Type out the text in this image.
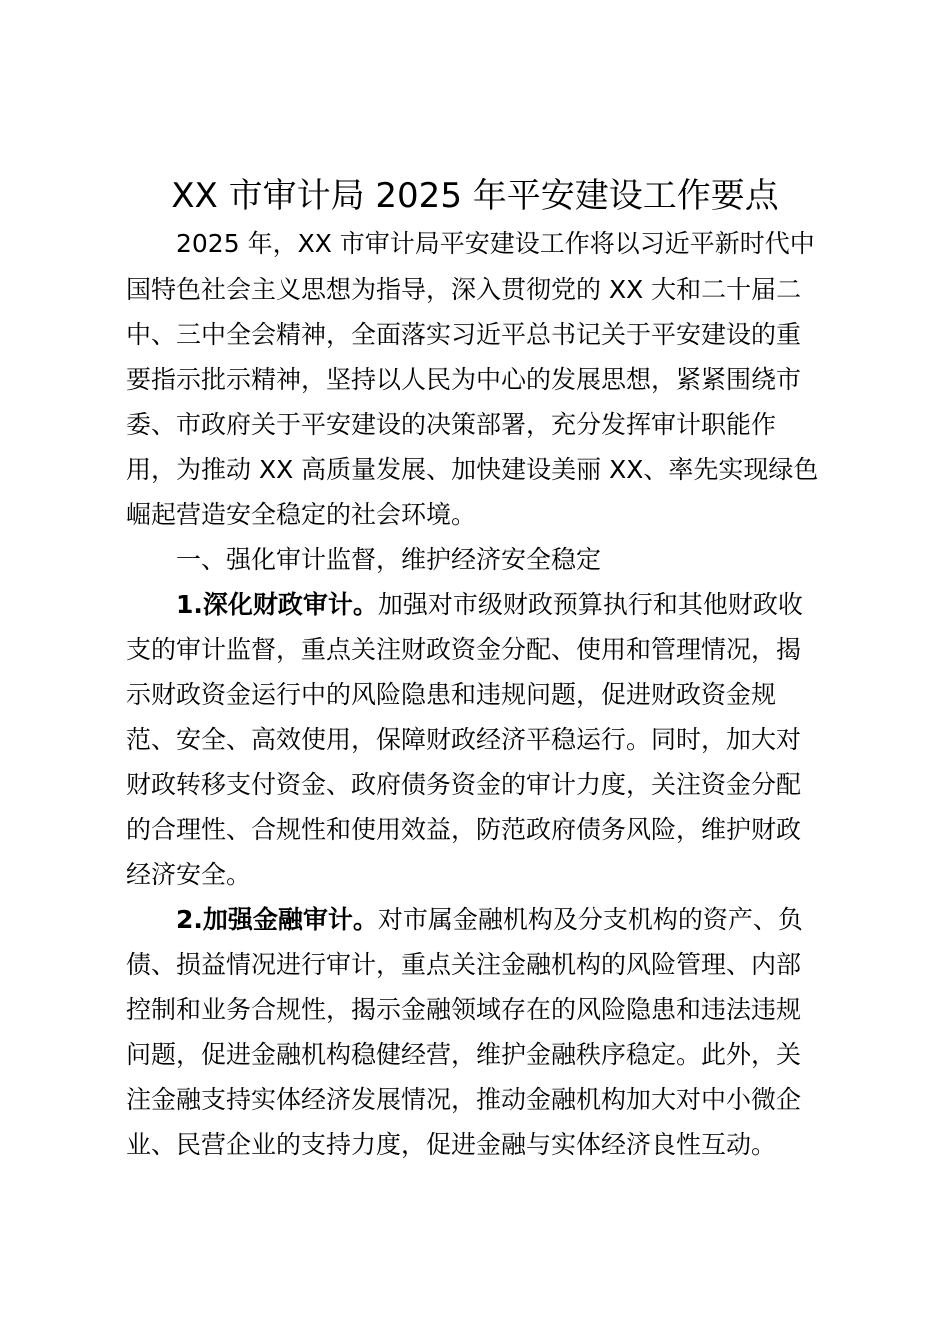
XX 市审计局 2025 年平安建设工作要点

2025 年，XX 市审计局平安建设工作将以习近平新时代中

国特色社会主义思想为指导，深入贯彻党的 XX 大和二十届二

中、三中全会精神，全面落实习近平总书记关于平安建设的重

要指示批示精神，坚持以人民为中心的发展思想，紧紧围绕市

委、市政府关于平安建设的决策部署，充分发挥审计职能作

用，为推动 XX 高质量发展、加快建设美丽 XX、率先实现绿色

崛起营造安全稳定的社会环境。

一、强化审计监督，维护经济安全稳定

1.深化财政审计。加强对市级财政预算执行和其他财政收

支的审计监督，重点关注财政资金分配、使用和管理情况，揭

示财政资金运行中的风险隐患和违规问题，促进财政资金规

范、安全、高效使用，保障财政经济平稳运行。同时，加大对

财政转移支付资金、政府债务资金的审计力度，关注资金分配

的合理性、合规性和使用效益，防范政府债务风险，维护财政

经济安全。

2.加强金融审计。对市属金融机构及分支机构的资产、负

债、损益情况进行审计，重点关注金融机构的风险管理、内部

控制和业务合规性，揭示金融领域存在的风险隐患和违法违规

问题，促进金融机构稳健经营，维护金融秩序稳定。此外，关

注金融支持实体经济发展情况，推动金融机构加大对中小微企

业、民营企业的支持力度，促进金融与实体经济良性互动。
